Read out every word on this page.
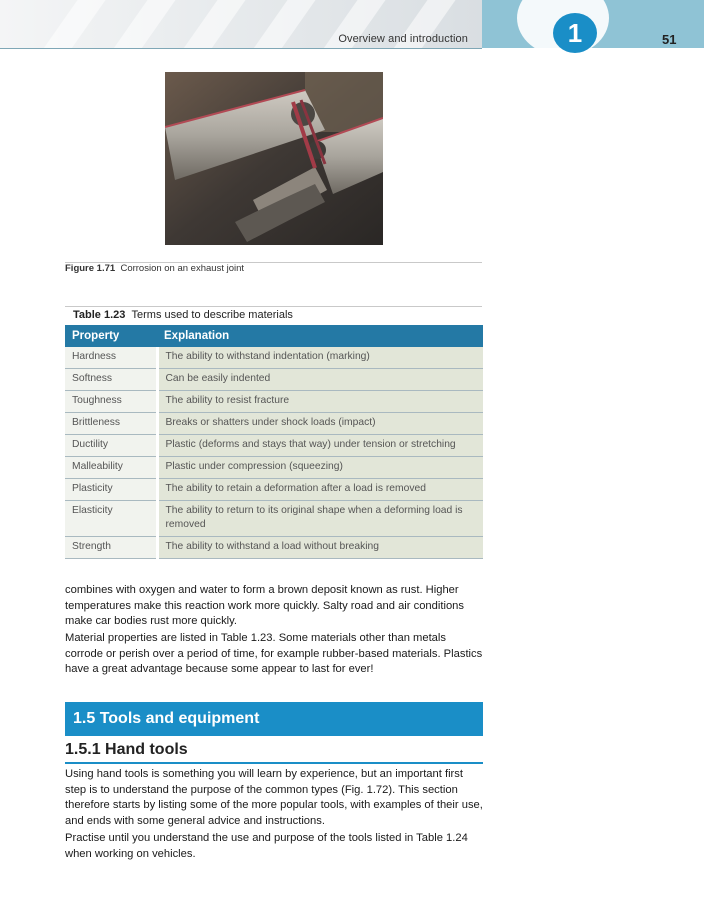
Overview and introduction	1	51
Figure 1.71 Corrosion on an exhaust joint
Table 1.23 Terms used to describe materials
Property	Explanation
Hardness	The ability to withstand indentation (marking)
Softness	Can be easily indented
Toughness	The ability to resist fracture
Brittleness	Breaks or shatters under shock loads (impact)
Ductility	Plastic (deforms and stays that way) under tension or stretching
Malleability	Plastic under compression (squeezing)
Plasticity	The ability to retain a deformation after a load is removed
Elasticity	The ability to return to its original shape when a deforming load is removed
Strength	The ability to withstand a load without breaking

combines with oxygen and water to form a brown deposit known as rust. Higher temperatures make this reaction work more quickly. Salty road and air conditions make car bodies rust more quickly.

Material properties are listed in Table 1.23. Some materials other than metals corrode or perish over a period of time, for example rubber-based materials. Plastics have a great advantage because some appear to last for ever!

1.5 Tools and equipment
1.5.1 Hand tools

Using hand tools is something you will learn by experience, but an important first step is to understand the purpose of the common types (Fig. 1.72). This section therefore starts by listing some of the more popular tools, with examples of their use, and ends with some general advice and instructions.

Practise until you understand the use and purpose of the tools listed in Table 1.24 when working on vehicles.
